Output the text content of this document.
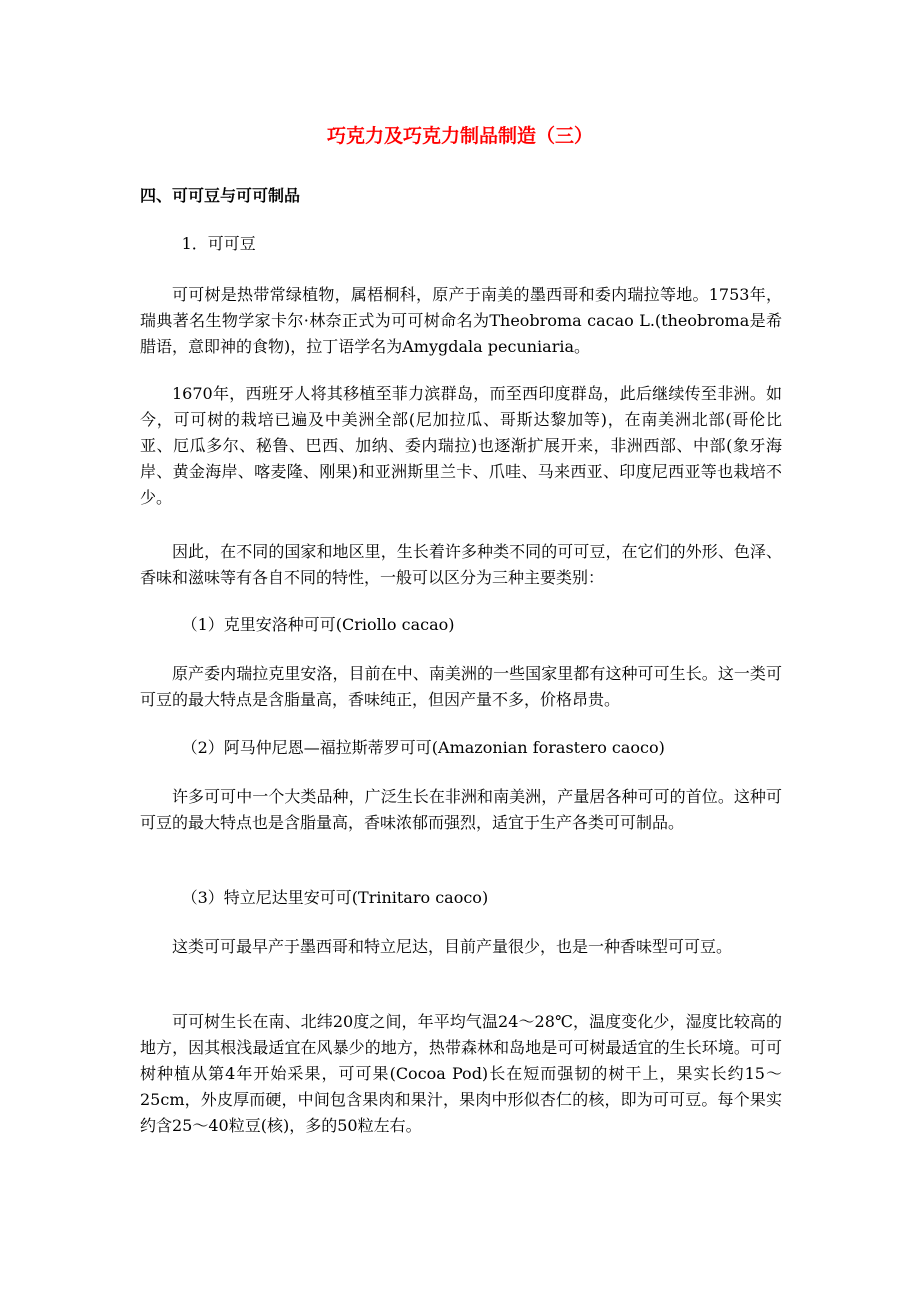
巧克力及巧克力制品制造（三）
四、可可豆与可可制品

1．可可豆

可可树是热带常绿植物，属梧桐科，原产于南美的墨西哥和委内瑞拉等地。1753年，瑞典著名生物学家卡尔·林奈正式为可可树命名为Theobroma cacao L.(theobroma是希腊语，意即神的食物)，拉丁语学名为Amygdala pecuniaria。

1670年，西班牙人将其移植至菲力滨群岛，而至西印度群岛，此后继续传至非洲。如今，可可树的栽培已遍及中美洲全部(尼加拉瓜、哥斯达黎加等)，在南美洲北部(哥伦比亚、厄瓜多尔、秘鲁、巴西、加纳、委内瑞拉)也逐渐扩展开来，非洲西部、中部(象牙海岸、黄金海岸、喀麦隆、刚果)和亚洲斯里兰卡、爪哇、马来西亚、印度尼西亚等也栽培不少。

因此，在不同的国家和地区里，生长着许多种类不同的可可豆，在它们的外形、色泽、香味和滋味等有各自不同的特性，一般可以区分为三种主要类别：

（1）克里安洛种可可(Criollo cacao)

原产委内瑞拉克里安洛，目前在中、南美洲的一些国家里都有这种可可生长。这一类可可豆的最大特点是含脂量高，香味纯正，但因产量不多，价格昂贵。

（2）阿马仲尼恩—福拉斯蒂罗可可(Amazonian forastero caoco)

许多可可中一个大类品种，广泛生长在非洲和南美洲，产量居各种可可的首位。这种可可豆的最大特点也是含脂量高，香味浓郁而强烈，适宜于生产各类可可制品。

（3）特立尼达里安可可(Trinitaro caoco)

这类可可最早产于墨西哥和特立尼达，目前产量很少，也是一种香味型可可豆。

可可树生长在南、北纬20度之间，年平均气温24～28℃，温度变化少，湿度比较高的地方，因其根浅最适宜在风暴少的地方，热带森林和岛地是可可树最适宜的生长环境。可可树种植从第4年开始采果，可可果(Cocoa Pod)长在短而强韧的树干上，果实长约15～25cm，外皮厚而硬，中间包含果肉和果汁，果肉中形似杏仁的核，即为可可豆。每个果实约含25～40粒豆(核)，多的50粒左右。
